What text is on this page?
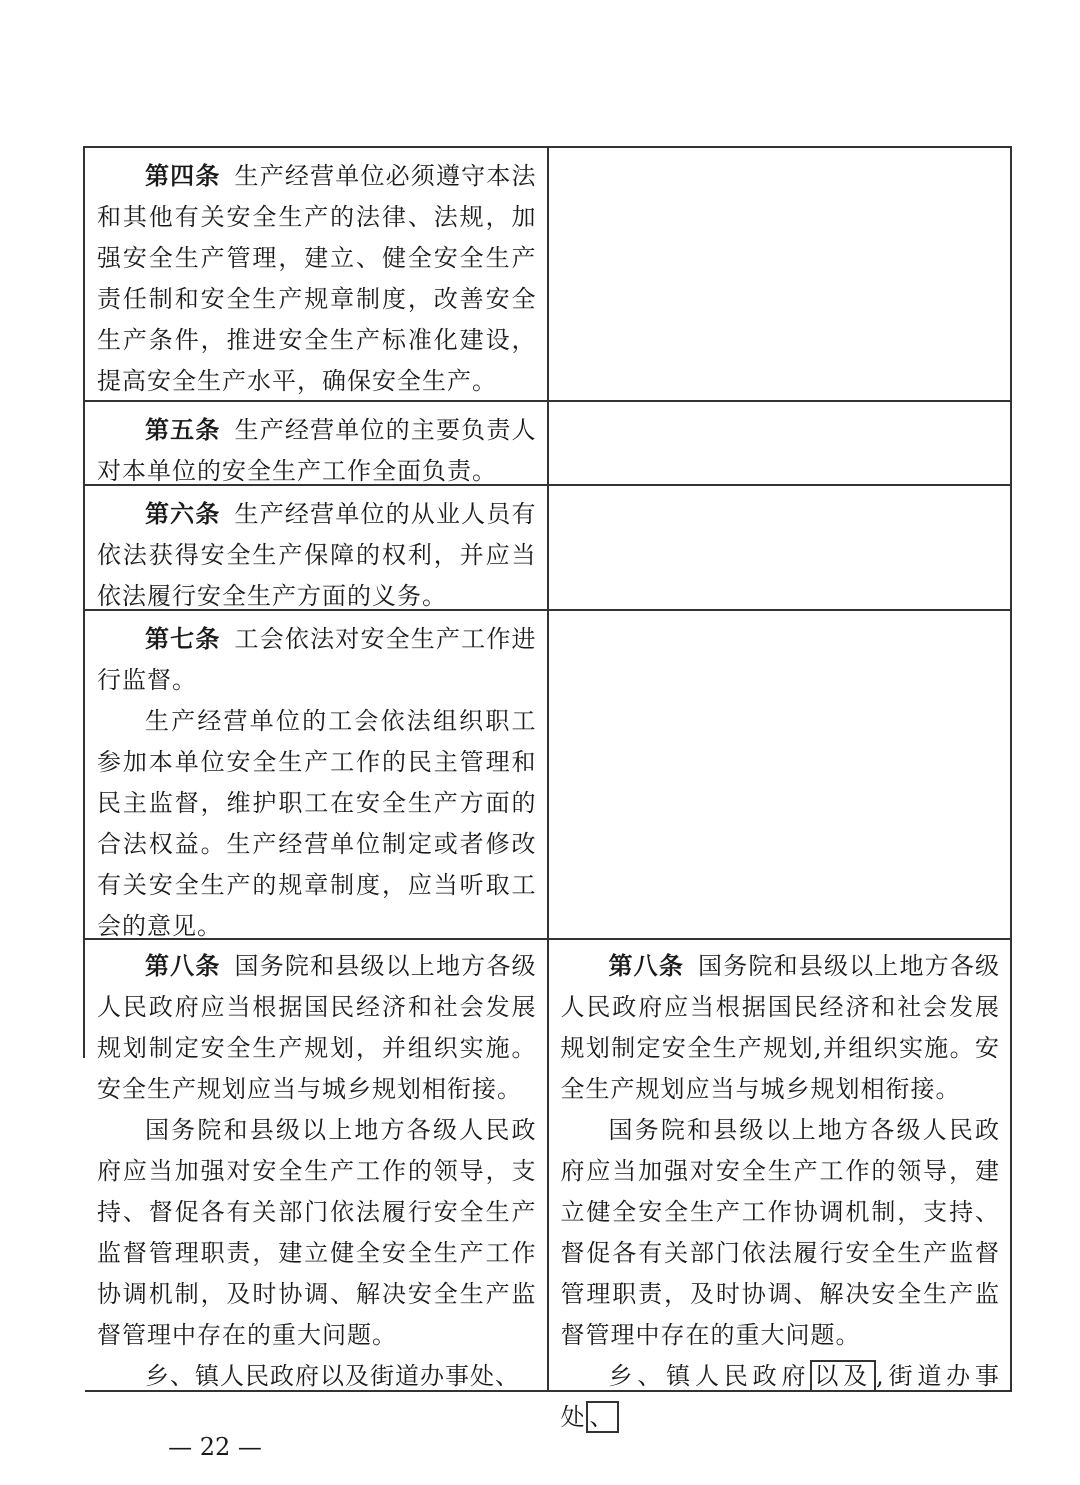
第四条 生产经营单位必须遵守本法和其他有关安全生产的法律、法规，加强安全生产管理，建立、健全安全生产责任制和安全生产规章制度，改善安全生产条件，推进安全生产标准化建设，提高安全生产水平，确保安全生产。

第五条 生产经营单位的主要负责人对本单位的安全生产工作全面负责。

第六条 生产经营单位的从业人员有依法获得安全生产保障的权利，并应当依法履行安全生产方面的义务。

第七条 工会依法对安全生产工作进行监督。

生产经营单位的工会依法组织职工参加本单位安全生产工作的民主管理和民主监督，维护职工在安全生产方面的合法权益。生产经营单位制定或者修改有关安全生产的规章制度，应当听取工会的意见。

第八条 国务院和县级以上地方各级人民政府应当根据国民经济和社会发展规划制定安全生产规划，并组织实施。安全生产规划应当与城乡规划相衔接。

国务院和县级以上地方各级人民政府应当加强对安全生产工作的领导，支持、督促各有关部门依法履行安全生产监督管理职责，建立健全安全生产工作协调机制，及时协调、解决安全生产监督管理中存在的重大问题。

乡、镇人民政府以及街道办事处、

第八条 国务院和县级以上地方各级人民政府应当根据国民经济和社会发展规划制定安全生产规划,并组织实施。安全生产规划应当与城乡规划相衔接。

国务院和县级以上地方各级人民政府应当加强对安全生产工作的领导，建立健全安全生产工作协调机制，支持、督促各有关部门依法履行安全生产监督管理职责，及时协调、解决安全生产监督管理中存在的重大问题。

乡、镇人民政府 以及 ,街道办事处 、

— 22 —
